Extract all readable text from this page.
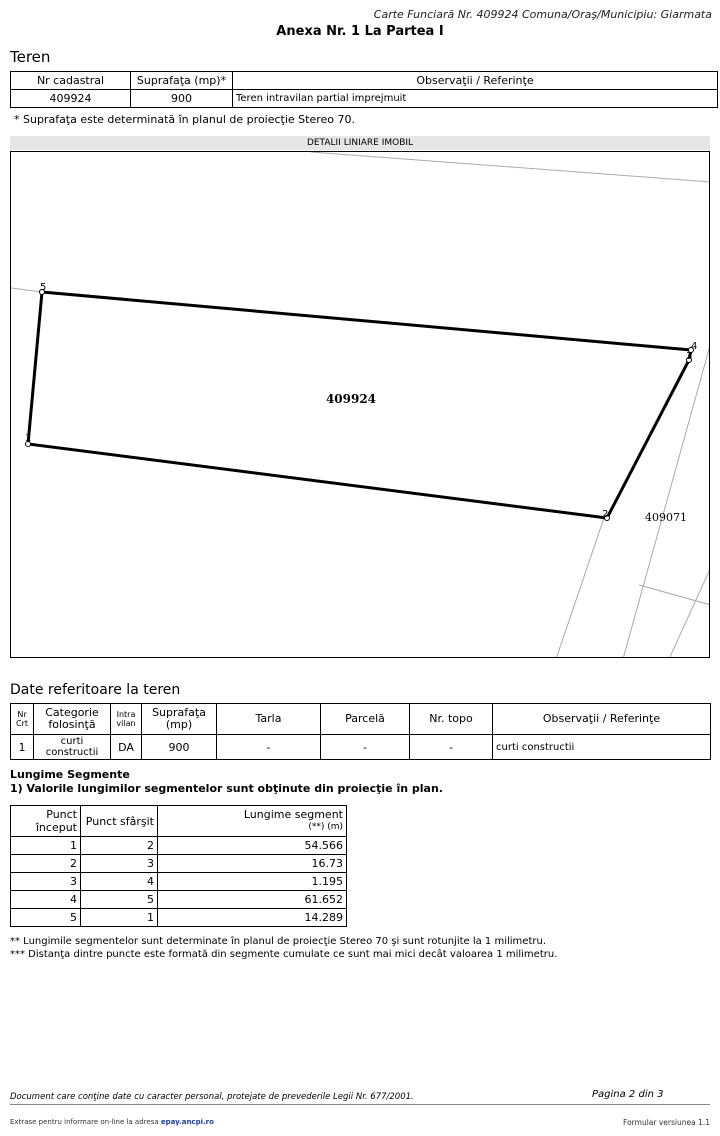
Carte Funciară Nr. 409924 Comuna/Oraş/Municipiu: Giarmata
Anexa Nr. 1 La Partea I
Teren
Nr cadastral	Suprafaţa (mp)*	Observaţii / Referinţe
409924	900	Teren intravilan partial imprejmuit
* Suprafaţa este determinată în planul de proiecţie Stereo 70.
DETALII LINIARE IMOBIL
1
2
3
4
5
409924
409071
Date referitoare la teren
Nr Crt	Categorie folosinţă	Intra vilan	Suprafaţa (mp)	Tarla	Parcelă	Nr. topo	Observaţii / Referinţe
1	curti constructii	DA	900	-	-	-	curti constructii
Lungime Segmente
1) Valorile lungimilor segmentelor sunt obţinute din proiecţie în plan.
Punct început	Punct sfârşit	Lungime segment
(**) (m)

1	2	54.566
2	3	16.73
3	4	1.195
4	5	61.652
5	1	14.289
** Lungimile segmentelor sunt determinate în planul de proiecţie Stereo 70 şi sunt rotunjite la 1 milimetru.
*** Distanţa dintre puncte este formată din segmente cumulate ce sunt mai mici decât valoarea 1 milimetru.
Document care conţine date cu caracter personal, protejate de prevederile Legii Nr. 677/2001.	Pagina 2 din 3
Extrase pentru informare on-line la adresa epay.ancpi.ro	Formular versiunea 1.1
